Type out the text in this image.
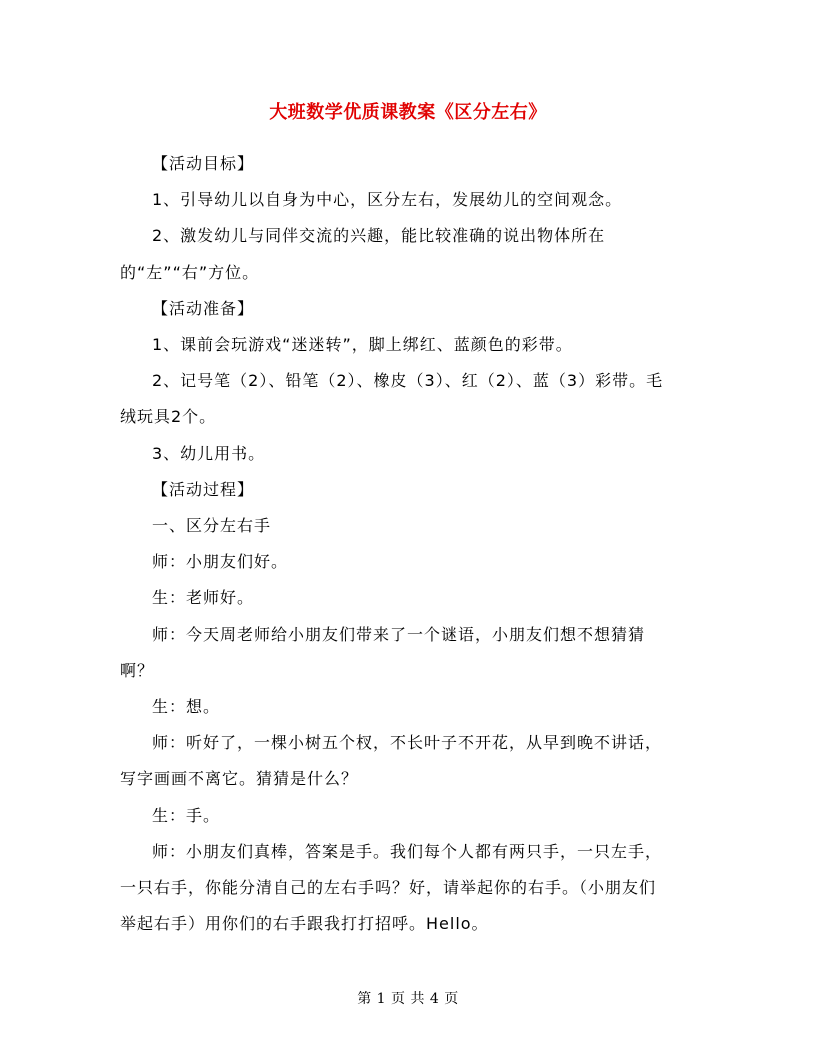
大班数学优质课教案《区分左右》

【活动目标】

1、引导幼儿以自身为中心，区分左右，发展幼儿的空间观念。

2、激发幼儿与同伴交流的兴趣，能比较准确的说出物体所在的“左”“右”方位。

【活动准备】

1、课前会玩游戏“迷迷转”，脚上绑红、蓝颜色的彩带。

2、记号笔（2）、铅笔（2）、橡皮（3）、红（2）、蓝（3）彩带。毛绒玩具2个。

3、幼儿用书。

【活动过程】

一、区分左右手

师：小朋友们好。

生：老师好。

师：今天周老师给小朋友们带来了一个谜语，小朋友们想不想猜猜啊？

生：想。

师：听好了，一棵小树五个杈，不长叶子不开花，从早到晚不讲话，写字画画不离它。猜猜是什么？

生：手。

师：小朋友们真棒，答案是手。我们每个人都有两只手，一只左手，一只右手，你能分清自己的左右手吗？好，请举起你的右手。（小朋友们举起右手）用你们的右手跟我打打招呼。Hello。

第 1 页 共 4 页
